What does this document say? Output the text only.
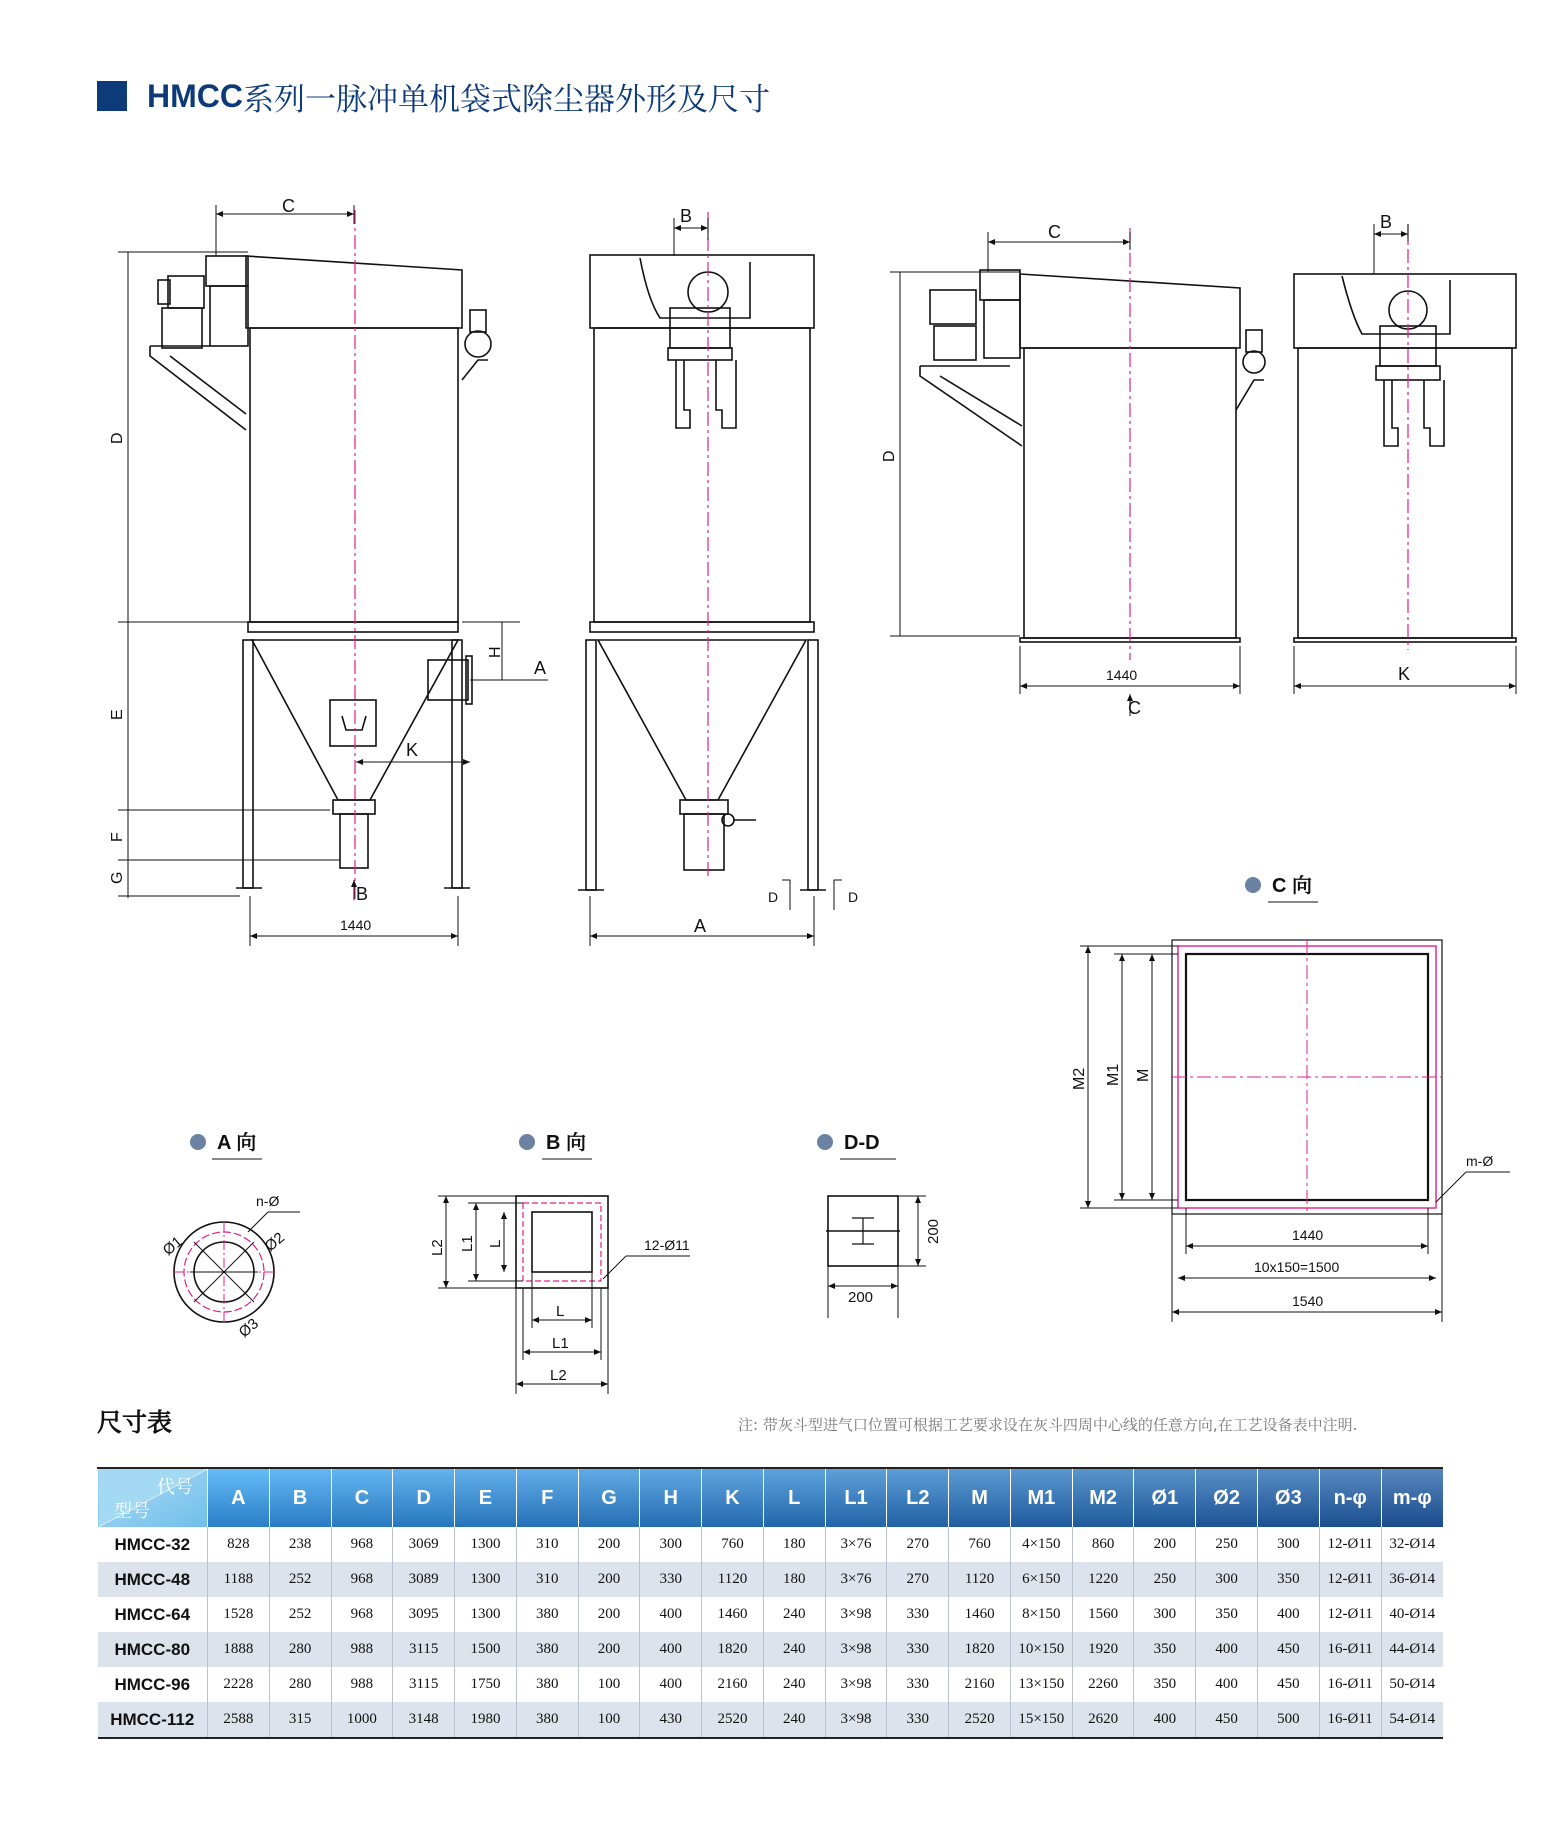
HMCC 系列一脉冲单机袋式除尘器外形及尺寸
C
D
E
F
G
H
A
K
B
1440
B
A
D	D
C
D
1440
C
B
K
C 向
M2 M1 M
1440
10x150=1500
1540
m-Ø
A 向
Ø1	Ø2
Ø3
n-Ø
B 向
L2 L1 L
L
L1
L2
12-Ø11
D-D
200
200
尺寸表	注: 带灰斗型进气口位置可根据工艺要求设在灰斗四周中心线的任意方向,在工艺设备表中注明.
代号
型号	A	B	C	D	E	F	G	H	K	L	L1	L2	M	M1	M2	Ø1	Ø2	Ø3	n-φ	m-φ
HMCC-32	828	238	968	3069	1300	310	200	300	760	180	3×76	270	760	4×150	860	200	250	300	12-Ø11	32-Ø14
HMCC-48	1188	252	968	3089	1300	310	200	330	1120	180	3×76	270	1120	6×150	1220	250	300	350	12-Ø11	36-Ø14
HMCC-64	1528	252	968	3095	1300	380	200	400	1460	240	3×98	330	1460	8×150	1560	300	350	400	12-Ø11	40-Ø14
HMCC-80	1888	280	988	3115	1500	380	200	400	1820	240	3×98	330	1820	10×150	1920	350	400	450	16-Ø11	44-Ø14
HMCC-96	2228	280	988	3115	1750	380	100	400	2160	240	3×98	330	2160	13×150	2260	350	400	450	16-Ø11	50-Ø14
HMCC-112	2588	315	1000	3148	1980	380	100	430	2520	240	3×98	330	2520	15×150	2620	400	450	500	16-Ø11	54-Ø14
